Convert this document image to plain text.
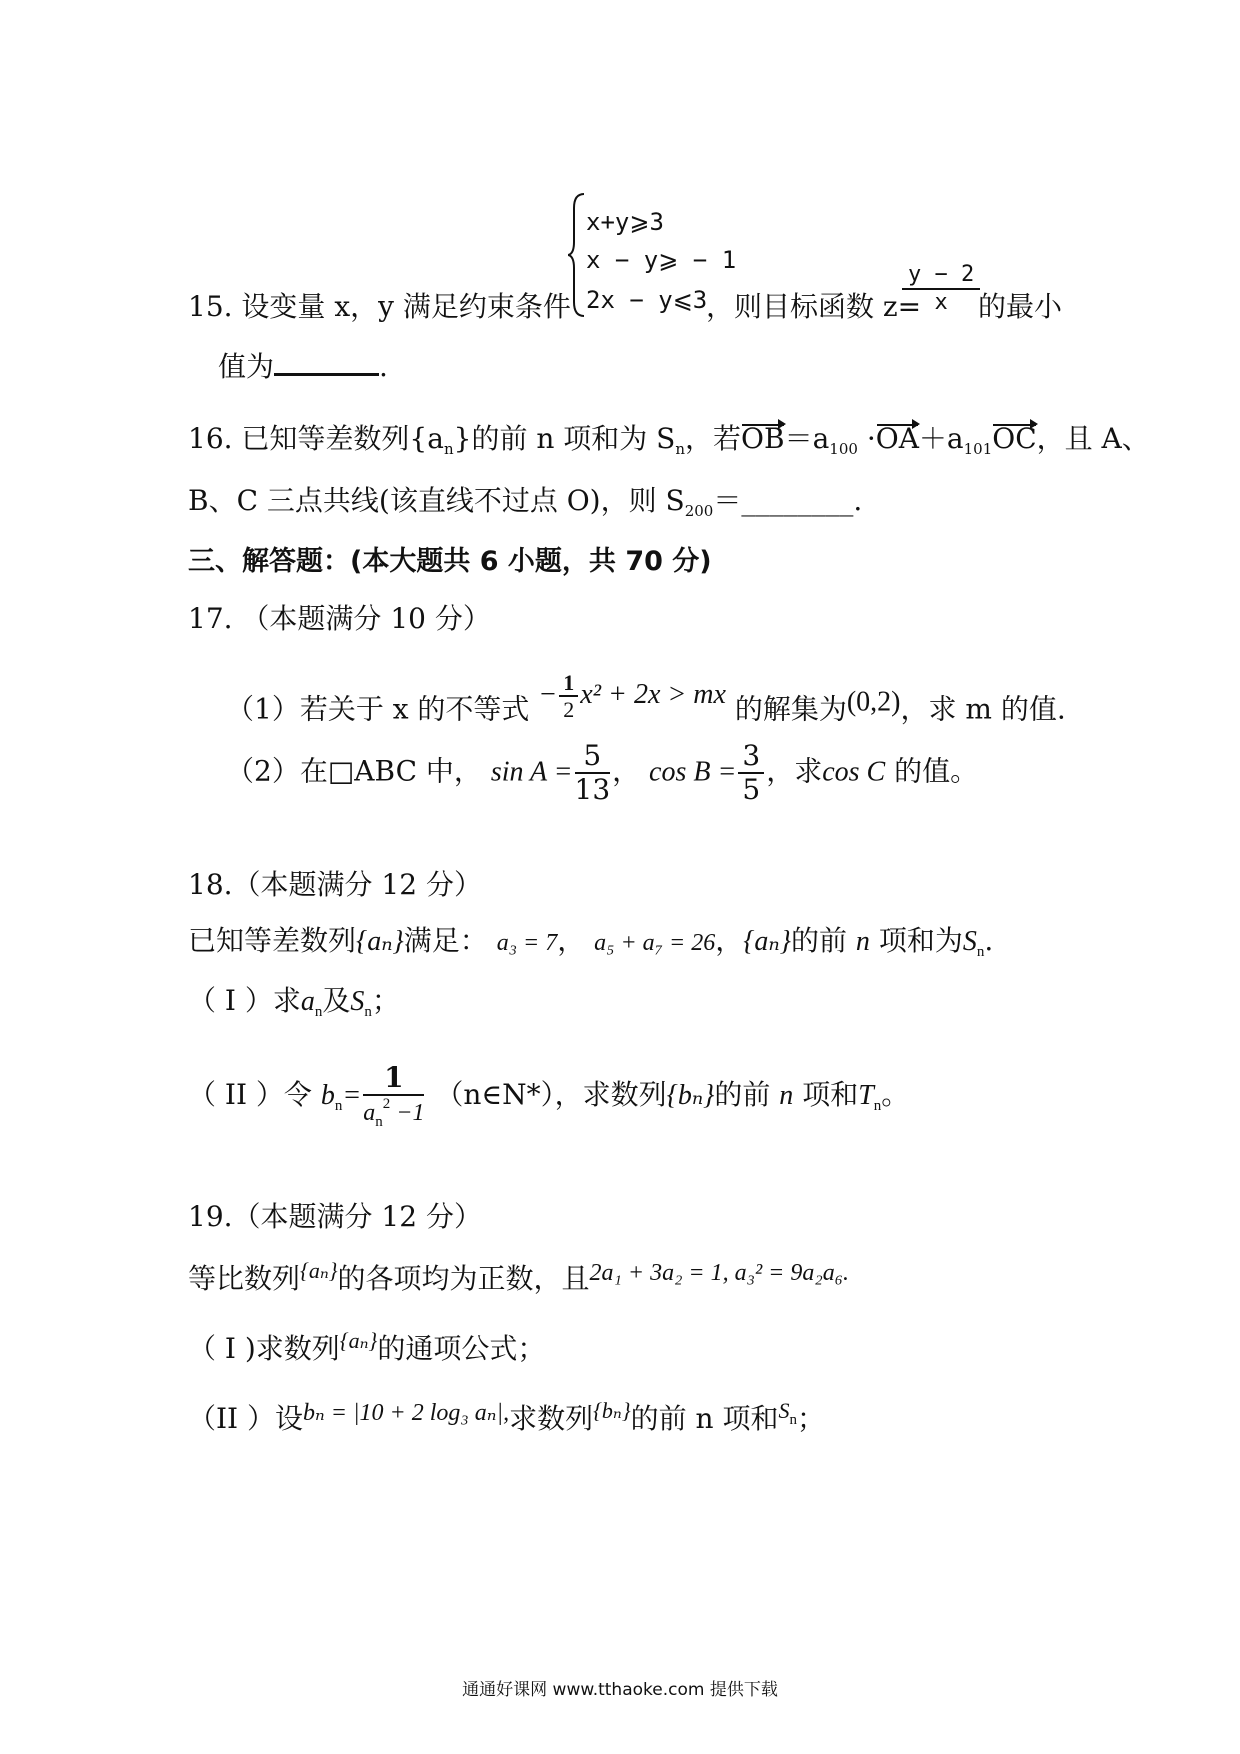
x+y⩾3
x − y⩾ − 1
2x − y⩽3
15. 设变量 x，y 满足约束条件	，则目标函数 z=
$\frac{y - 2}{x}$
的最小
值为	.
16. 已知等差数列$\{a_n\}$的前 n 项和为 $S_n$，若$OB=a_{100} \cdot OA+a_{101}OC$，且 A、
B、C 三点共线(该直线不过点 O)，则 $S_{200}=\_\_\_\_\_\_\_\_$.
三、解答题：(本大题共 6 小题，共 70 分)
17. （本题满分 10 分）
（1）若关于 x 的不等式 − $\frac{1}{2} x^2 + 2x$ > mx 的解集为(0,2)，求 m 的值.
（2）在□ABC 中， $\sin A = \frac{5}{13}$ ， $\cos B = \frac{3}{5}$ ，求cos C 的值。
18.（本题满分 12 分）
已知等差数列{aₙ}满足： a₃ = 7， a₅ + a₇ = 26，{aₙ}的前 n 项和为$S_n$.
（ I ）求$a_n$及$S_n$；
（ II ）令 $b_n= \frac{1}{a_n^2 -1}$ （n∈N*），求数列{bₙ}的前 n 项和$T_n$。
19.（本题满分 12 分）
等比数列$^{\{a_n\}}$的各项均为正数，且2a₁ + 3a₂ = 1, a₃² = 9a₂a₆.
（ I )求数列$^{\{a_n\}}$的通项公式；
（II ）设bₙ = |10 + 2 log₃ aₙ|,求数列$^{\{b_n\}}$的前 n 项和$^{S_n}$；
通通好课网 www.tthaoke.com 提供下载
